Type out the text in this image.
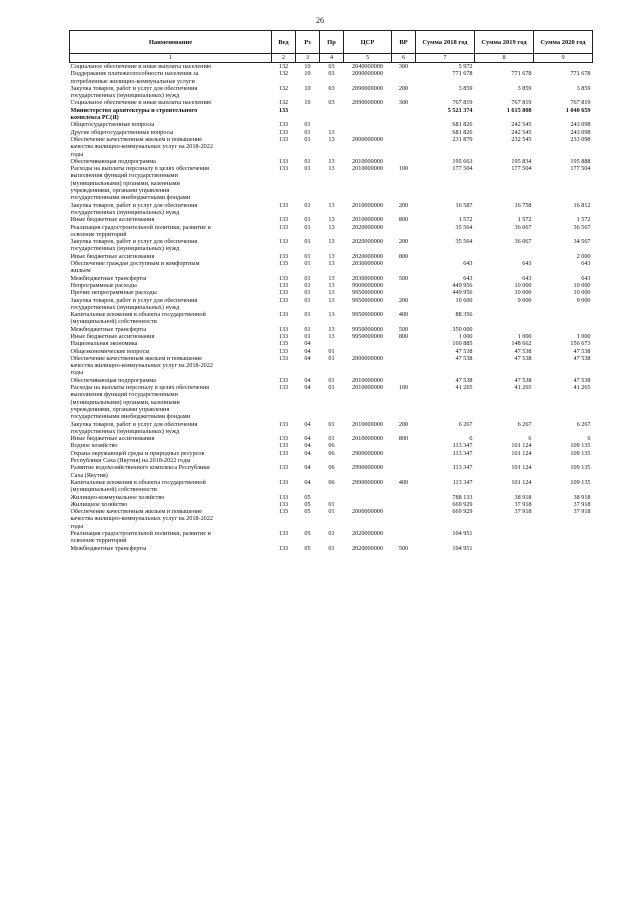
26
Наименование	Вед	Рз	Пр	ЦСР	ВР	Сумма 2018 год	Сумма 2019 год	Сумма 2020 год
1	2	3	4	5	6	7	8	9
Социальное обеспечение и иные выплаты населению	132	10	03	2040000000	300	5 972		

Поддержание платежеспособности населения за
потребленные жилищно-коммунальные услуги	132	10	03	2090000000		771 678	771 678	771 678
Закупка товаров, работ и услуг для обеспечения
государственных (муниципальных) нужд	132	10	03	2090000000	200	3 859	3 859	3 859
Социальное обеспечение и иные выплаты населению	132	10	03	2090000000	300	767 819	767 819	767 819

Министерство архитектуры и строительного
комплекса РС(Я)	133					5 521 374	1 615 808	1 040 659
Общегосударственные вопросы	133	01				681 826	242 545	243 098
Другие общегосударственные вопросы	133	01	13			681 826	242 545	243 098
Обеспечение качественным жильем и повышение
качества жилищно-коммунальных услуг на 2018-2022
годы	133	01	13	2000000000		231 870	232 545	233 098
Обеспечивающая подпрограмма	133	01	13	2010000000		195 663	195 834	195 888
Расходы на выплаты персоналу в целях обеспечения
выполнения функций государственными
(муниципальными) органами, казенными
учреждениями, органами управления
государственными внебюджетными фондами	133	01	13	2010000000	100	177 504	177 504	177 504
Закупка товаров, работ и услуг для обеспечения
государственных (муниципальных) нужд	133	01	13	2010000000	200	16 587	16 758	16 812
Иные бюджетные ассигнования	133	01	13	2010000000	800	1 572	1 572	1 572
Реализация градостроительной политики, развитие и
освоение территорий	133	01	13	2020000000		35 564	36 067	36 567
Закупка товаров, работ и услуг для обеспечения
государственных (муниципальных) нужд	133	01	13	2020000000	200	35 564	36 067	34 567
Иные бюджетные ассигнования	133	01	13	2020000000	800			2 000
Обеспечение граждан доступным и комфортным
жильем	133	01	13	2030000000		643	643	643
Межбюджетные трансферты	133	01	13	2030000000	500	643	643	643
Непрограммные расходы	133	01	13	9900000000		449 956	10 000	10 000
Прочие непрограммные расходы	133	01	13	9950000000		449 956	10 000	10 000
Закупка товаров, работ и услуг для обеспечения
государственных (муниципальных) нужд	133	01	13	9950000000	200	10 600	9 000	9 000
Капитальные вложения в объекты государственной
(муниципальной) собственности	133	01	13	9950000000	400	88 356		
Межбюджетные трансферты	133	01	13	9950000000	500	350 000		
Иные бюджетные ассигнования	133	01	13	9950000000	800	1 000	1 000	1 000
Национальная экономика	133	04				160 885	148 662	156 673
Общеэкономические вопросы	133	04	01			47 538	47 538	47 538
Обеспечение качественным жильем и повышение
качества жилищно-коммунальных услуг на 2018-2022
годы	133	04	01	2000000000		47 538	47 538	47 538
Обеспечивающая подпрограмма	133	04	01	2010000000		47 538	47 538	47 538
Расходы на выплаты персоналу в целях обеспечения
выполнения функций государственными
(муниципальными) органами, казенными
учреждениями, органами управления
государственными внебюджетными фондами	133	04	01	2010000000	100	41 265	41 265	41 265
Закупка товаров, работ и услуг для обеспечения
государственных (муниципальных) нужд	133	04	01	2010000000	200	6 267	6 267	6 267
Иные бюджетные ассигнования	133	04	01	2010000000	800	6	6	6
Водное хозяйство	133	04	06			113 347	101 124	109 135
Охрана окружающей среды и природных ресурсов
Республики Саха (Якутия) на 2018-2022 годы	133	04	06	2900000000		113 347	101 124	109 135
Развитие водохозяйственного комплекса Республики
Саха (Якутия)	133	04	06	2990000000		113 347	101 124	109 135
Капитальные вложения в объекты государственной
(муниципальной) собственности	133	04	06	2990000000	400	113 347	101 124	109 135
Жилищно-коммунальное хозяйство	133	05				788 133	38 918	38 918
Жилищное хозяйство	133	05	01			669 929	37 918	37 918
Обеспечение качественным жильем и повышение
качества жилищно-коммунальных услуг на 2018-2022
годы	133	05	01	2000000000		669 929	37 918	37 918
Реализация градостроительной политики, развитие и
освоение территорий	133	05	01	2020000000		104 951		
Межбюджетные трансферты	133	05	01	2020000000	500	104 951		
